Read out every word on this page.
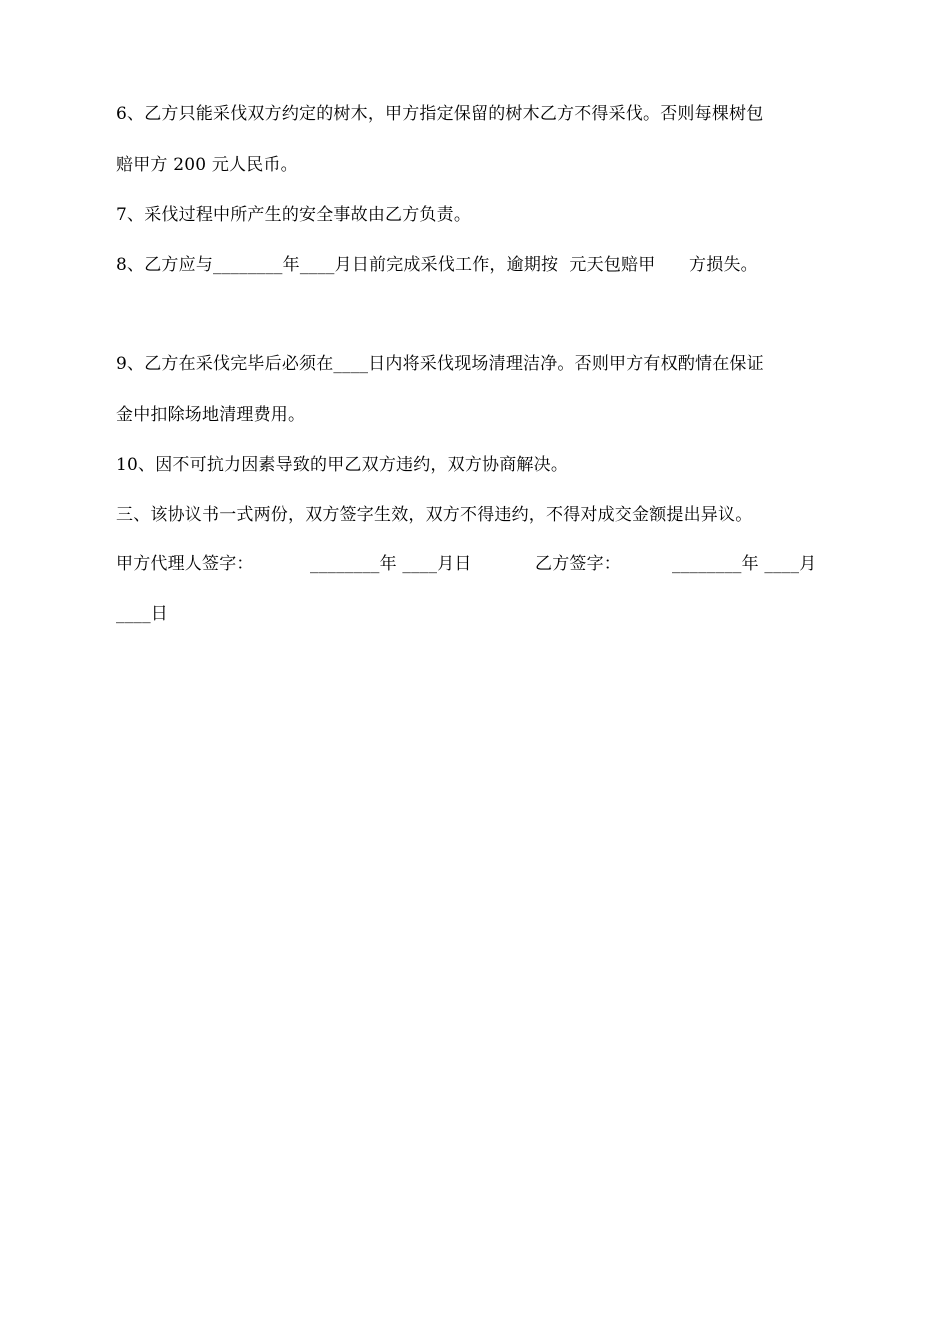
6、乙方只能采伐双方约定的树木，甲方指定保留的树木乙方不得采伐。否则每棵树包
赔甲方 200 元人民币。
7、采伐过程中所产生的安全事故由乙方负责。
8、乙方应与________年____月日前完成采伐工作，逾期按  元天包赔甲      方损失。
9、乙方在采伐完毕后必须在____日内将采伐现场清理洁净。否则甲方有权酌情在保证
金中扣除场地清理费用。
10、因不可抗力因素导致的甲乙双方违约，双方协商解决。
三、该协议书一式两份，双方签字生效，双方不得违约，不得对成交金额提出异议。
甲方代理人签字：	________年 ____月日	乙方签字：	________年 ____月
____日
